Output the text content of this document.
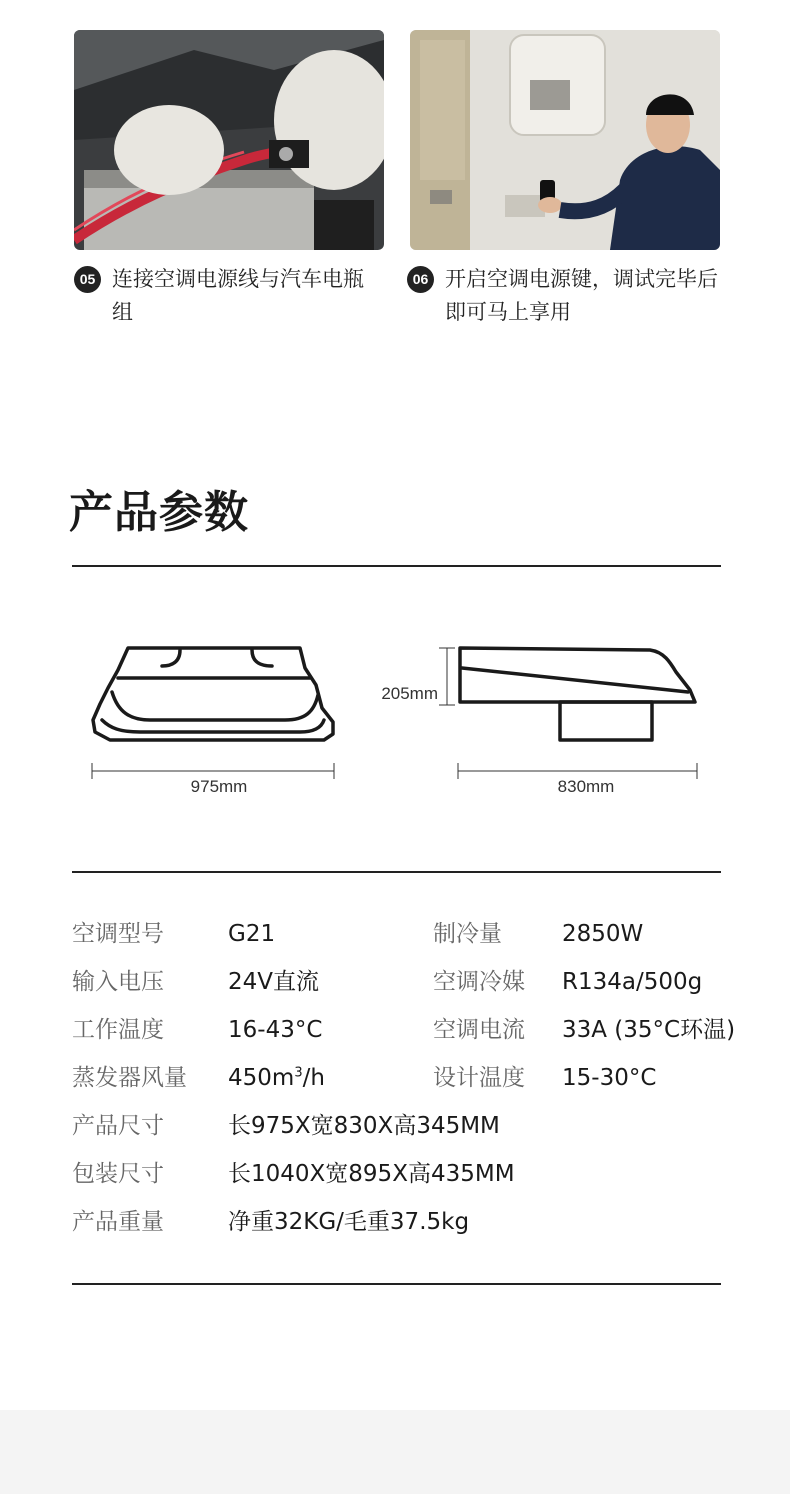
05 连接空调电源线与汽车电瓶组
06 开启空调电源键，调试完毕后即可马上享用
产品参数
975mm
205mm
830mm
空调型号	G21	制冷量	2850W
输入电压	24V直流	空调冷媒 R134a/500g
工作温度	16-43°C	空调电流 33A (35°C环温)
蒸发器风量 $450m^3/h$	设计温度 15-30°C
产品尺寸	长975X宽830X高345MM
包装尺寸	长1040X宽895X高435MM
产品重量	净重32KG/毛重37.5kg
